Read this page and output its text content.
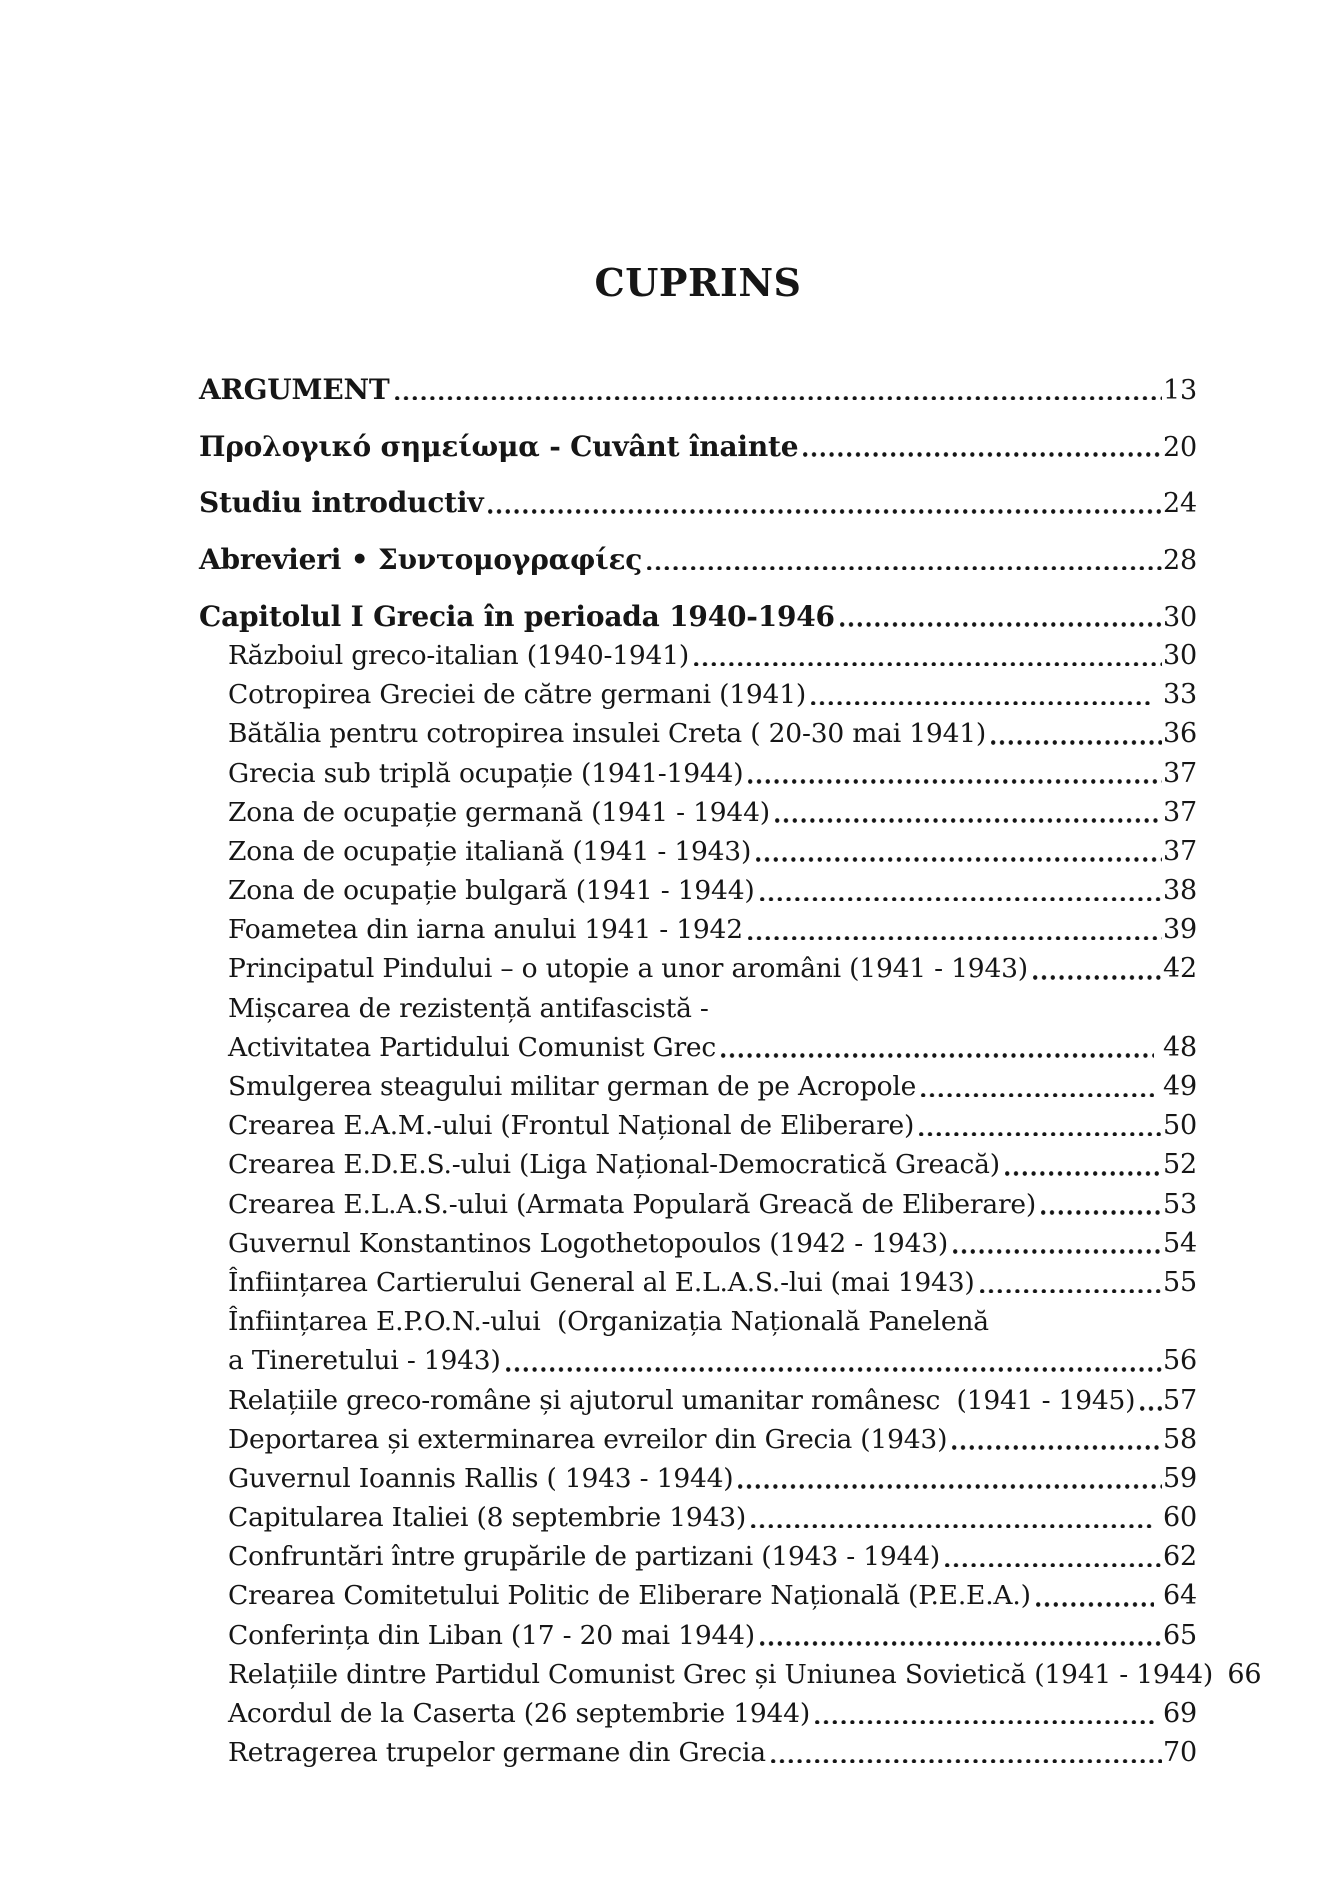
CUPRINS
ARGUMENT	13
Προλογικό σημείωμα - Cuvânt înainte	20
Studiu introductiv	24
Abrevieri • Συντομογραφίες	28
Capitolul I Grecia în perioada 1940-1946	30
Războiul greco-italian (1940-1941)	30
Cotropirea Greciei de către germani (1941)	33
Bătălia pentru cotropirea insulei Creta ( 20-30 mai 1941)	36
Grecia sub triplă ocupație (1941-1944)	37
Zona de ocupație germană (1941 - 1944)	37
Zona de ocupație italiană (1941 - 1943)	37
Zona de ocupație bulgară (1941 - 1944)	38
Foametea din iarna anului 1941 - 1942	39
Principatul Pindului – o utopie a unor aromâni (1941 - 1943)	42
Mișcarea de rezistență antifascistă -
Activitatea Partidului Comunist Grec	48
Smulgerea steagului militar german de pe Acropole	49
Crearea E.A.M.-ului (Frontul Național de Eliberare)	50
Crearea E.D.E.S.-ului (Liga Național-Democratică Greacă)	52
Crearea E.L.A.S.-ului (Armata Populară Greacă de Eliberare)	53
Guvernul Konstantinos Logothetopoulos (1942 - 1943)	54
Înființarea Cartierului General al E.L.A.S.-lui (mai 1943)	55
Înființarea E.P.O.N.-ului  (Organizația Națională Panelenă
a Tineretului - 1943)	56
Relațiile greco-române și ajutorul umanitar românesc  (1941 - 1945) 57
Deportarea și exterminarea evreilor din Grecia (1943)	58
Guvernul Ioannis Rallis ( 1943 - 1944)	59
Capitularea Italiei (8 septembrie 1943)	60
Confruntări între grupările de partizani (1943 - 1944)	62
Crearea Comitetului Politic de Eliberare Națională (P.E.E.A.)	64
Conferința din Liban (17 - 20 mai 1944)	65
Relațiile dintre Partidul Comunist Grec și Uniunea Sovietică (1941 - 1944) 66
Acordul de la Caserta (26 septembrie 1944)	69
Retragerea trupelor germane din Grecia	70
